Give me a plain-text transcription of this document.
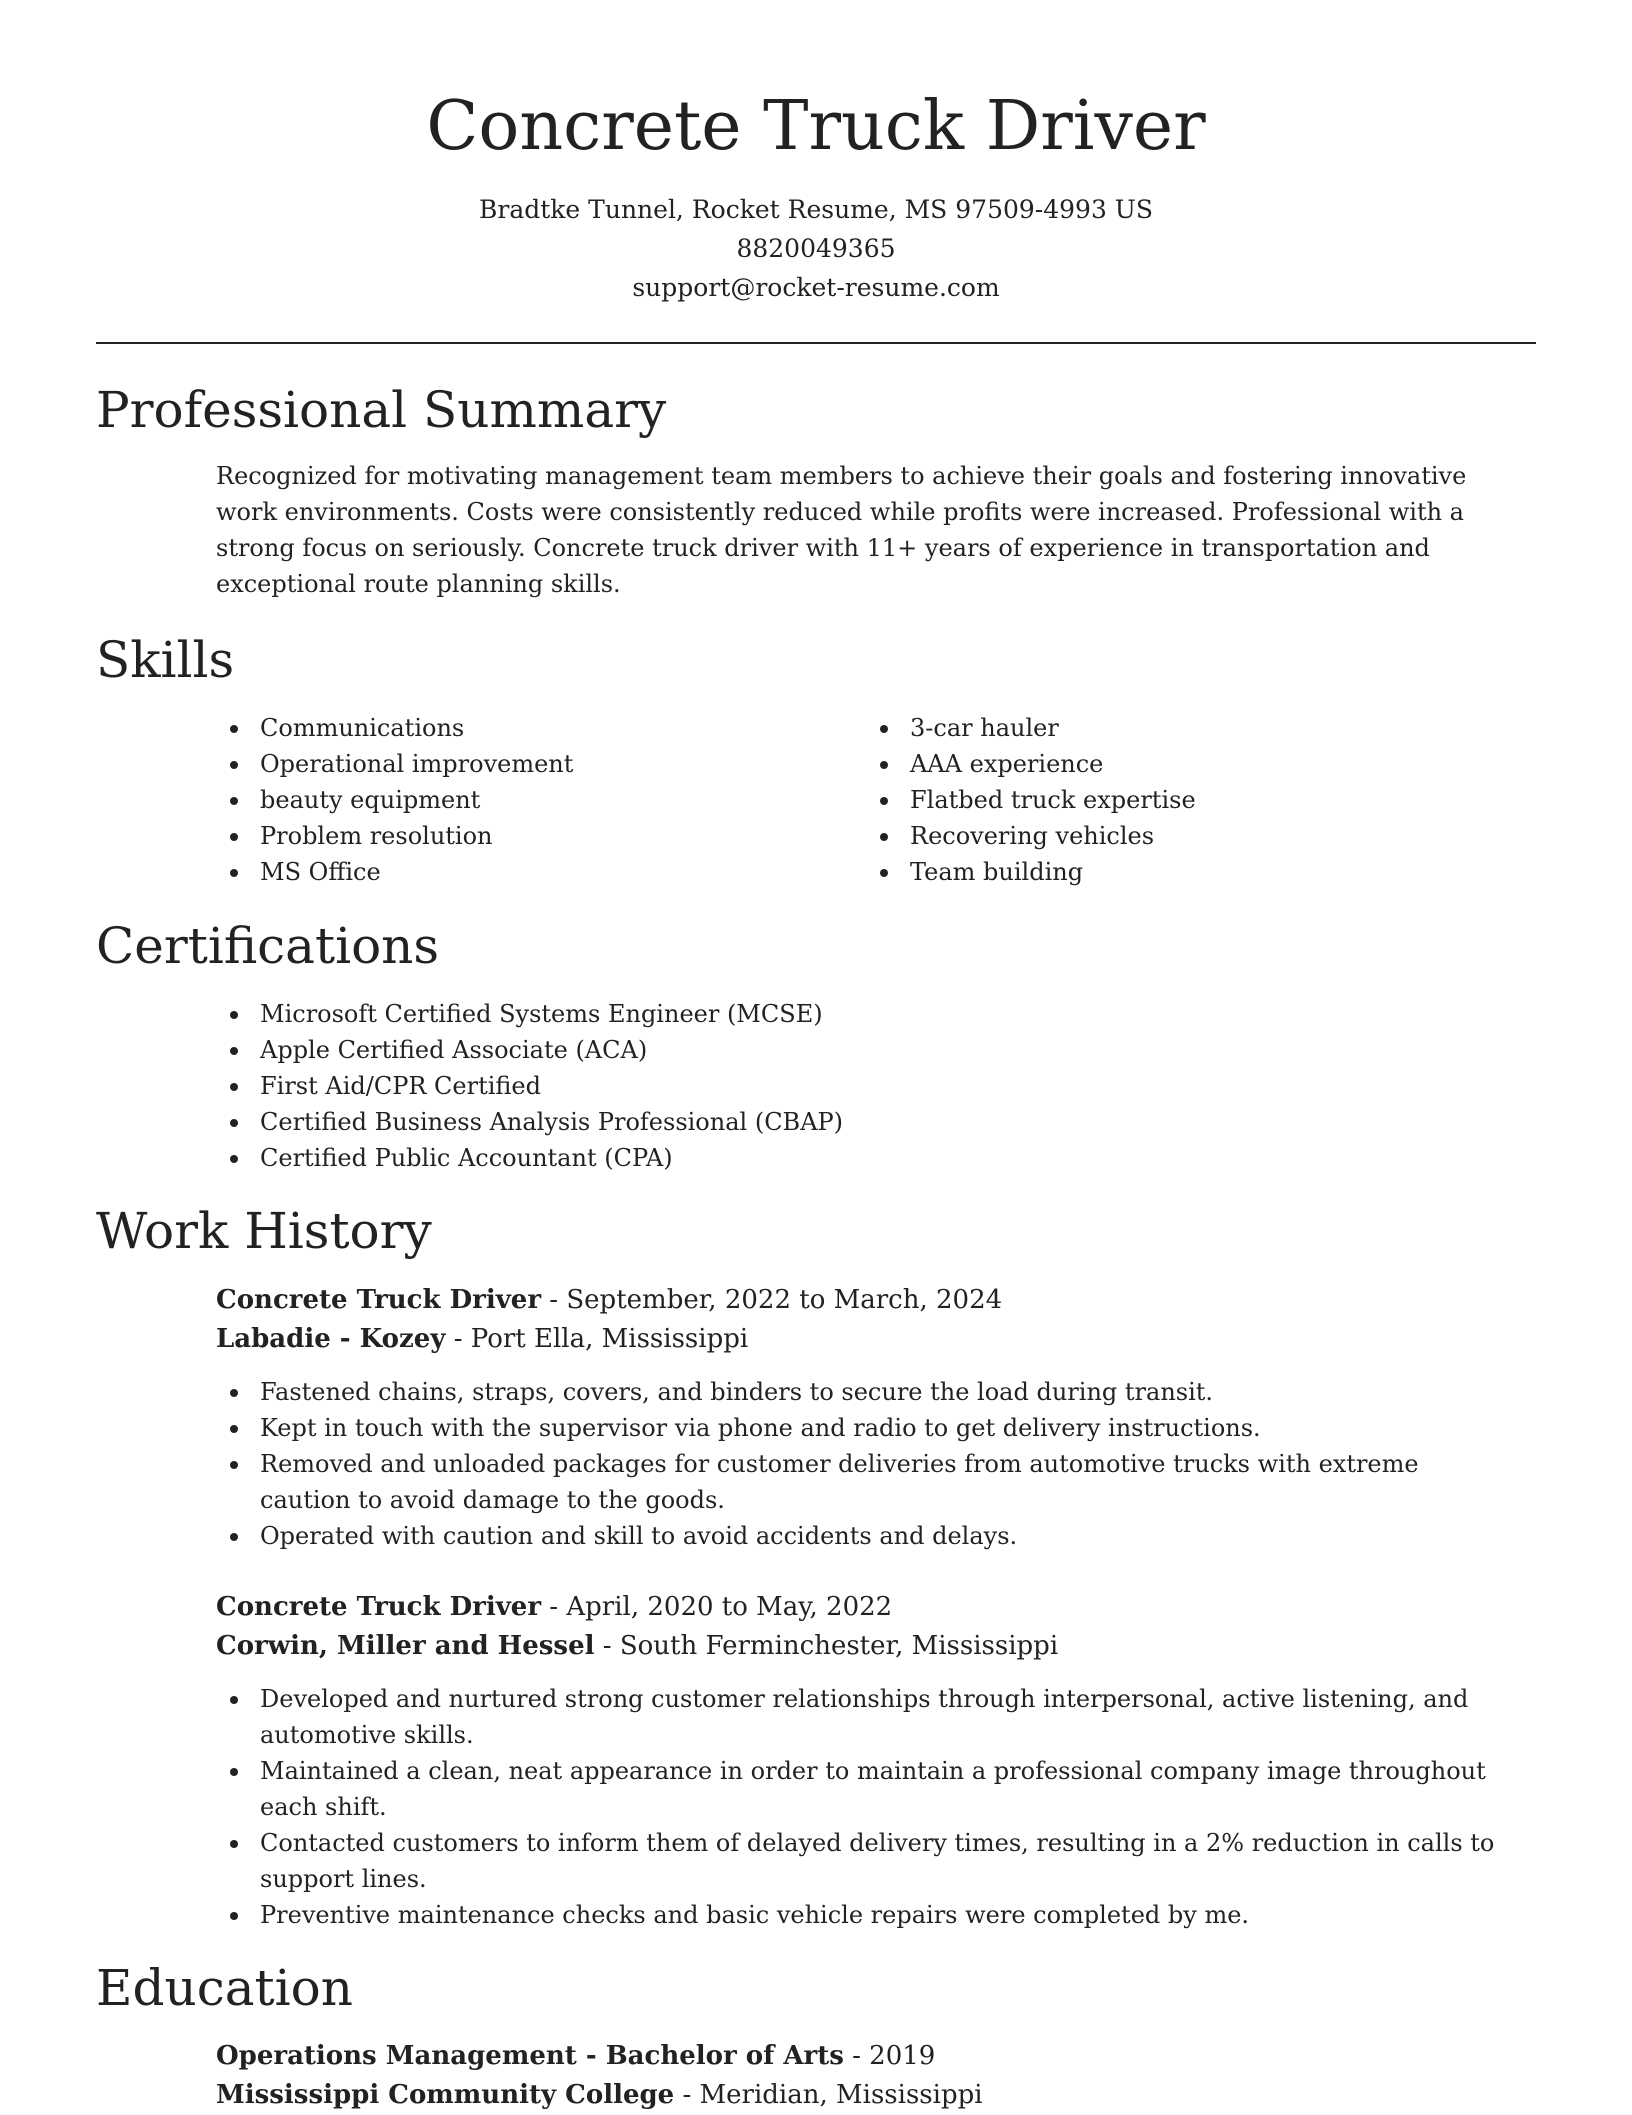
Concrete Truck Driver
Bradtke Tunnel, Rocket Resume, MS 97509-4993 US
8820049365
support@rocket-resume.com
Professional Summary

Recognized for motivating management team members to achieve their goals and fostering innovative work environments. Costs were consistently reduced while profits were increased. Professional with a strong focus on seriously. Concrete truck driver with 11+ years of experience in transportation and exceptional route planning skills.

Skills
Communications
Operational improvement
beauty equipment
Problem resolution
MS Office
3-car hauler
AAA experience
Flatbed truck expertise
Recovering vehicles
Team building
Certifications
Microsoft Certified Systems Engineer (MCSE)
Apple Certified Associate (ACA)
First Aid/CPR Certified
Certified Business Analysis Professional (CBAP)
Certified Public Accountant (CPA)
Work History
Concrete Truck Driver - September, 2022 to March, 2024
Labadie - Kozey - Port Ella, Mississippi
Fastened chains, straps, covers, and binders to secure the load during transit.
Kept in touch with the supervisor via phone and radio to get delivery instructions.
Removed and unloaded packages for customer deliveries from automotive trucks with extreme caution to avoid damage to the goods.
Operated with caution and skill to avoid accidents and delays.
Concrete Truck Driver - April, 2020 to May, 2022
Corwin, Miller and Hessel - South Ferminchester, Mississippi
Developed and nurtured strong customer relationships through interpersonal, active listening, and automotive skills.
Maintained a clean, neat appearance in order to maintain a professional company image throughout each shift.
Contacted customers to inform them of delayed delivery times, resulting in a 2% reduction in calls to support lines.
Preventive maintenance checks and basic vehicle repairs were completed by me.
Education
Operations Management - Bachelor of Arts - 2019
Mississippi Community College - Meridian, Mississippi
